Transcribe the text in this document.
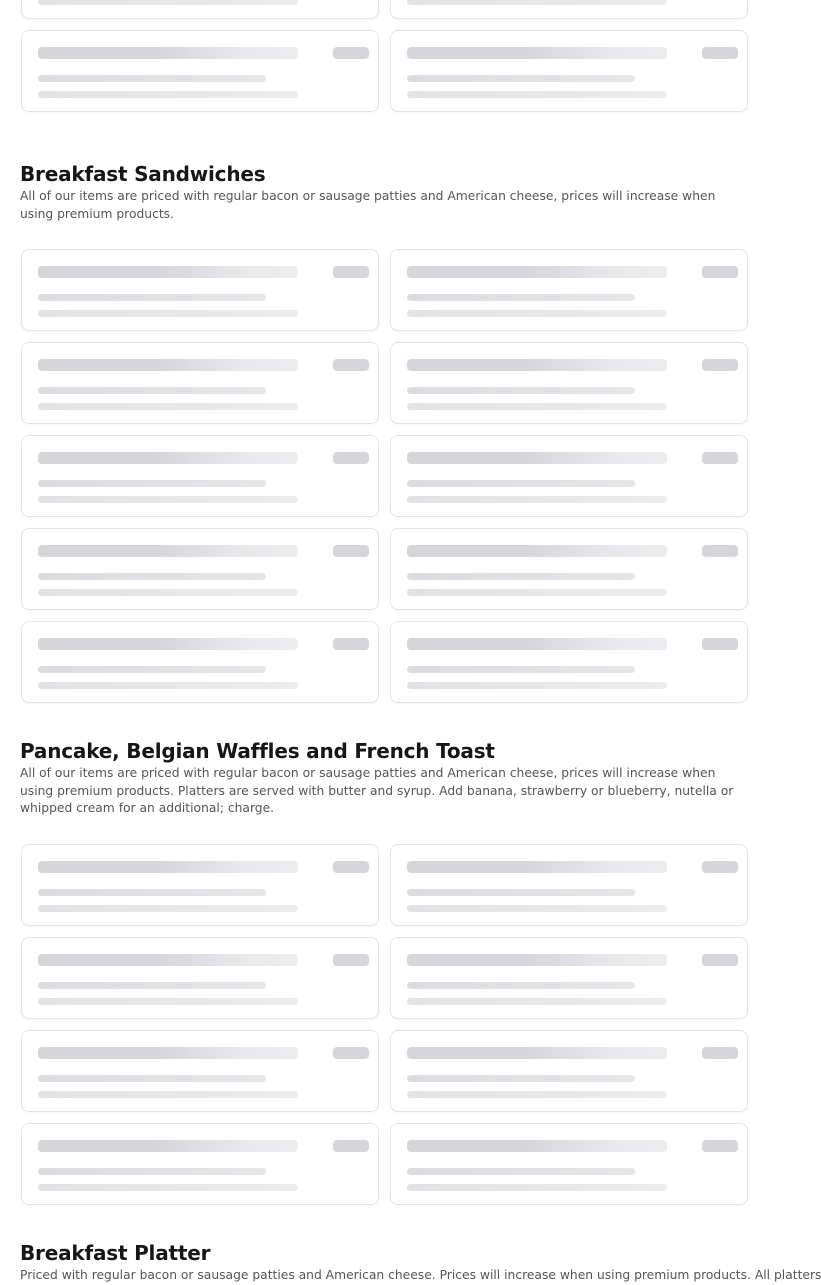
Breakfast Sandwiches

All of our items are priced with regular bacon or sausage patties and American cheese, prices will increase when using premium products.

Pancake, Belgian Waffles and French Toast

All of our items are priced with regular bacon or sausage patties and American cheese, prices will increase when using premium products. Platters are served with butter and syrup. Add banana, strawberry or blueberry, nutella or whipped cream for an additional; charge.

Breakfast Platter

Priced with regular bacon or sausage patties and American cheese. Prices will increase when using premium products. All platters
